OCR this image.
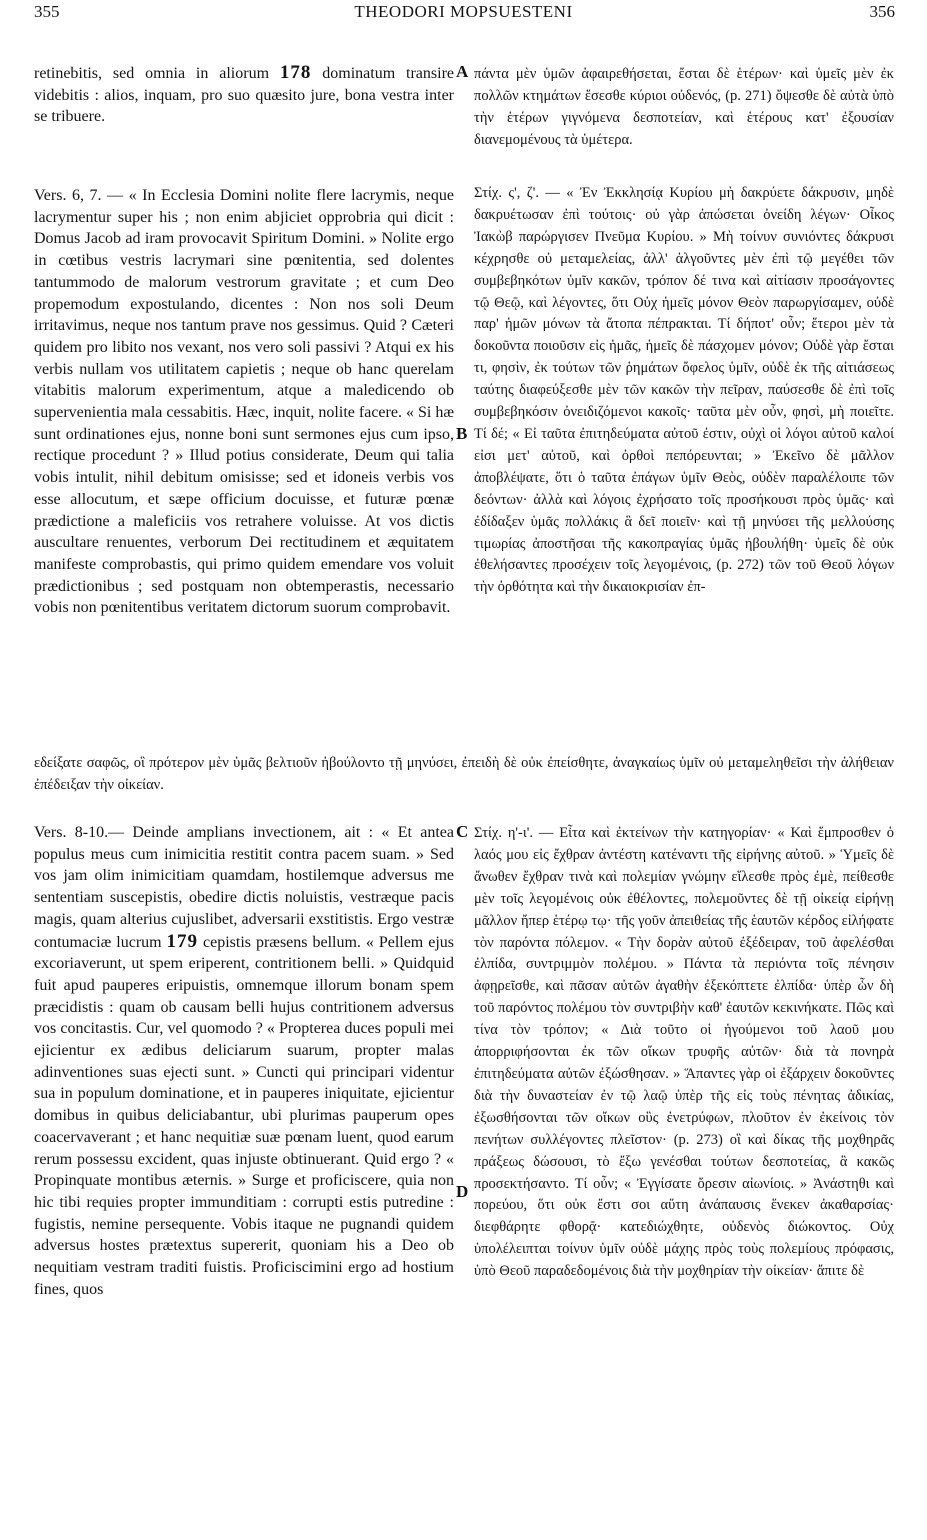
355	THEODORI MOPSUESTENI	356

retinebitis, sed omnia in aliorum 178 dominatum transire videbitis : alios, inquam, pro suo quæsito jure, bona vestra inter se tribuere.

Vers. 6, 7. — « In Ecclesia Domini nolite flere lacrymis, neque lacrymentur super his ; non enim abjiciet opprobria qui dicit : Domus Jacob ad iram provocavit Spiritum Domini. » Nolite ergo in cœtibus vestris lacrymari sine pœnitentia, sed dolentes tantummodo de malorum vestrorum gravitate ; et cum Deo propemodum expostulando, dicentes : Non nos soli Deum irritavimus, neque nos tantum prave nos gessimus. Quid ? Cæteri quidem pro libito nos vexant, nos vero soli passivi ? Atqui ex his verbis nullam vos utilitatem capietis ; neque ob hanc querelam vitabitis malorum experimentum, atque a maledicendo ob supervenientia mala cessabitis. Hæc, inquit, nolite facere. « Si hæ sunt ordinationes ejus, nonne boni sunt sermones ejus cum ipso, rectique procedunt ? » Illud potius considerate, Deum qui talia vobis intulit, nihil debitum omisisse; sed et idoneis verbis vos esse allocutum, et sæpe officium docuisse, et futuræ pœnæ prædictione a maleficiis vos retrahere voluisse. At vos dictis auscultare renuentes, verborum Dei rectitudinem et æquitatem manifeste comprobastis, qui primo quidem emendare vos voluit prædictionibus ; sed postquam non obtemperastis, necessario vobis non pœnitentibus veritatem dictorum suorum comprobavit.

Vers. 8-10.— Deinde amplians invectionem, ait : « Et antea populus meus cum inimicitia restitit contra pacem suam. » Sed vos jam olim inimicitiam quamdam, hostilemque adversus me sententiam suscepistis, obedire dictis noluistis, vestræque pacis magis, quam alterius cujuslibet, adversarii exstitistis. Ergo vestræ contumaciæ lucrum 179 cepistis præsens bellum. « Pellem ejus excoriaverunt, ut spem eriperent, contritionem belli. » Quidquid fuit apud pauperes eripuistis, omnemque illorum bonam spem præcidistis : quam ob causam belli hujus contritionem adversus vos concitastis. Cur, vel quomodo ? « Propterea duces populi mei ejicientur ex ædibus deliciarum suarum, propter malas adinventiones suas ejecti sunt. » Cuncti qui principari videntur sua in populum dominatione, et in pauperes iniquitate, ejicientur domibus in quibus deliciabantur, ubi plurimas pauperum opes coacervaverant ; et hanc nequitiæ suæ pœnam luent, quod earum rerum possessu excident, quas injuste obtinuerant. Quid ergo ? « Propinquate montibus æternis. » Surge et proficiscere, quia non hic tibi requies propter immunditiam : corrupti estis putredine : fugistis, nemine persequente. Vobis itaque ne pugnandi quidem adversus hostes prætextus supererit, quoniam his a Deo ob nequitiam vestram traditi fuistis. Proficiscimini ergo ad hostium fines, quos

πάντα μὲν ὑμῶν ἀφαιρεθήσεται, ἔσται δὲ ἑτέρων· καὶ ὑμεῖς μὲν ἐκ πολλῶν κτημάτων ἔσεσθε κύριοι οὐδενός, (p. 271) ὄψεσθε δὲ αὐτὰ ὑπὸ τὴν ἑτέρων γιγνόμενα δεσποτείαν, καὶ ἑτέρους κατ' ἐξουσίαν διανεμομένους τὰ ὑμέτερα.

Στίχ. ς', ζ'. — « Ἐν Ἐκκλησίᾳ Κυρίου μὴ δακρύετε δάκρυσιν, μηδὲ δακρυέτωσαν ἐπὶ τούτοις· οὐ γὰρ ἀπώσεται ὀνείδη λέγων· Οἶκος Ἰακὼβ παρώργισεν Πνεῦμα Κυρίου. » Μὴ τοίνυν συνιόντες δάκρυσι κέχρησθε οὐ μεταμελείας, ἀλλ' ἀλγοῦντες μὲν ἐπὶ τῷ μεγέθει τῶν συμβεβηκότων ὑμῖν κακῶν, τρόπον δέ τινα καὶ αἰτίασιν προσάγοντες τῷ Θεῷ, καὶ λέγοντες, ὅτι Οὐχ ἡμεῖς μόνον Θεὸν παρωργίσαμεν, οὐδὲ παρ' ἡμῶν μόνων τὰ ἄτοπα πέπρακται. Τί δήποτ' οὖν; ἕτεροι μὲν τὰ δοκοῦντα ποιοῦσιν εἰς ἡμᾶς, ἡμεῖς δὲ πάσχομεν μόνον; Οὐδὲ γὰρ ἔσται τι, φησὶν, ἐκ τούτων τῶν ῥημάτων ὄφελος ὑμῖν, οὐδὲ ἐκ τῆς αἰτιάσεως ταύτης διαφεύξεσθε μὲν τῶν κακῶν τὴν πεῖραν, παύσεσθε δὲ ἐπὶ τοῖς συμβεβηκόσιν ὀνειδιζόμενοι κακοῖς· ταῦτα μὲν οὖν, φησὶ, μὴ ποιεῖτε. Τί δέ; « Εἰ ταῦτα ἐπιτηδεύματα αὐτοῦ ἐστιν, οὐχὶ οἱ λόγοι αὐτοῦ καλοί εἰσι μετ' αὐτοῦ, καὶ ὀρθοὶ πεπόρευνται; » Ἐκεῖνο δὲ μᾶλλον ἀποβλέψατε, ὅτι ὁ ταῦτα ἐπάγων ὑμῖν Θεὸς, οὐδὲν παραλέλοιπε τῶν δεόντων· ἀλλὰ καὶ λόγοις ἐχρήσατο τοῖς προσήκουσι πρὸς ὑμᾶς· καὶ ἐδίδαξεν ὑμᾶς πολλάκις ἃ δεῖ ποιεῖν· καὶ τῇ μηνύσει τῆς μελλούσης τιμωρίας ἀποστῆσαι τῆς κακοπραγίας ὑμᾶς ἠβουλήθη· ὑμεῖς δὲ οὐκ ἐθελήσαντες προσέχειν τοῖς λεγομένοις, (p. 272) τῶν τοῦ Θεοῦ λόγων τὴν ὀρθότητα καὶ τὴν δικαιοκρισίαν ἐπ-

εδείξατε σαφῶς, οἳ πρότερον μὲν ὑμᾶς βελτιοῦν ἠβούλοντο τῇ μηνύσει, ἐπειδὴ δὲ οὐκ ἐπείσθητε, ἀναγκαίως ὑμῖν οὐ μεταμεληθεῖσι τὴν ἀλήθειαν ἐπέδειξαν τὴν οἰκείαν.

Στίχ. η'-ι'. — Εἶτα καὶ ἐκτείνων τὴν κατηγορίαν· « Καὶ ἔμπροσθεν ὁ λαός μου εἰς ἔχθραν ἀντέστη κατέναντι τῆς εἰρήνης αὐτοῦ. » Ὑμεῖς δὲ ἄνωθεν ἔχθραν τινὰ καὶ πολεμίαν γνώμην εἵλεσθε πρὸς ἐμὲ, πείθεσθε μὲν τοῖς λεγομένοις οὐκ ἐθέλοντες, πολεμοῦντες δὲ τῇ οἰκείᾳ εἰρήνῃ μᾶλλον ἤπερ ἑτέρῳ τῳ· τῆς γοῦν ἀπειθείας τῆς ἑαυτῶν κέρδος εἰλήφατε τὸν παρόντα πόλεμον. « Τὴν δορὰν αὐτοῦ ἐξέδειραν, τοῦ ἀφελέσθαι ἐλπίδα, συντριμμὸν πολέμου. » Πάντα τὰ περιόντα τοῖς πένησιν ἀφῃρεῖσθε, καὶ πᾶσαν αὐτῶν ἀγαθὴν ἐξεκόπτετε ἐλπίδα· ὑπὲρ ὧν δὴ τοῦ παρόντος πολέμου τὸν συντριβὴν καθ' ἑαυτῶν κεκινήκατε. Πῶς καὶ τίνα τὸν τρόπον; « Διὰ τοῦτο οἱ ἡγούμενοι τοῦ λαοῦ μου ἀπορριφήσονται ἐκ τῶν οἴκων τρυφῆς αὐτῶν· διὰ τὰ πονηρὰ ἐπιτηδεύματα αὐτῶν ἐξώσθησαν. » Ἅπαντες γὰρ οἱ ἐξάρχειν δοκοῦντες διὰ τὴν δυναστείαν ἐν τῷ λαῷ ὑπὲρ τῆς εἰς τοὺς πένητας ἀδικίας, ἐξωσθήσονται τῶν οἴκων οὓς ἐνετρύφων, πλοῦτον ἐν ἐκείνοις τὸν πενήτων συλλέγοντες πλεῖστον· (p. 273) οἳ καὶ δίκας τῆς μοχθηρᾶς πράξεως δώσουσι, τὸ ἔξω γενέσθαι τούτων δεσποτείας, ἃ κακῶς προσεκτήσαντο. Τί οὖν; « Ἐγγίσατε ὄρεσιν αἰωνίοις. » Ἀνάστηθι καὶ πορεύου, ὅτι οὐκ ἔστι σοι αὕτη ἀνάπαυσις ἕνεκεν ἀκαθαρσίας· διεφθάρητε φθορᾷ· κατεδιώχθητε, οὐδενὸς διώκοντος. Οὐχ ὑπολέλειπται τοίνυν ὑμῖν οὐδὲ μάχης πρὸς τοὺς πολεμίους πρόφασις, ὑπὸ Θεοῦ παραδεδομένοις διὰ τὴν μοχθηρίαν τὴν οἰκείαν· ἄπιτε δὲ

A
B
C
D
